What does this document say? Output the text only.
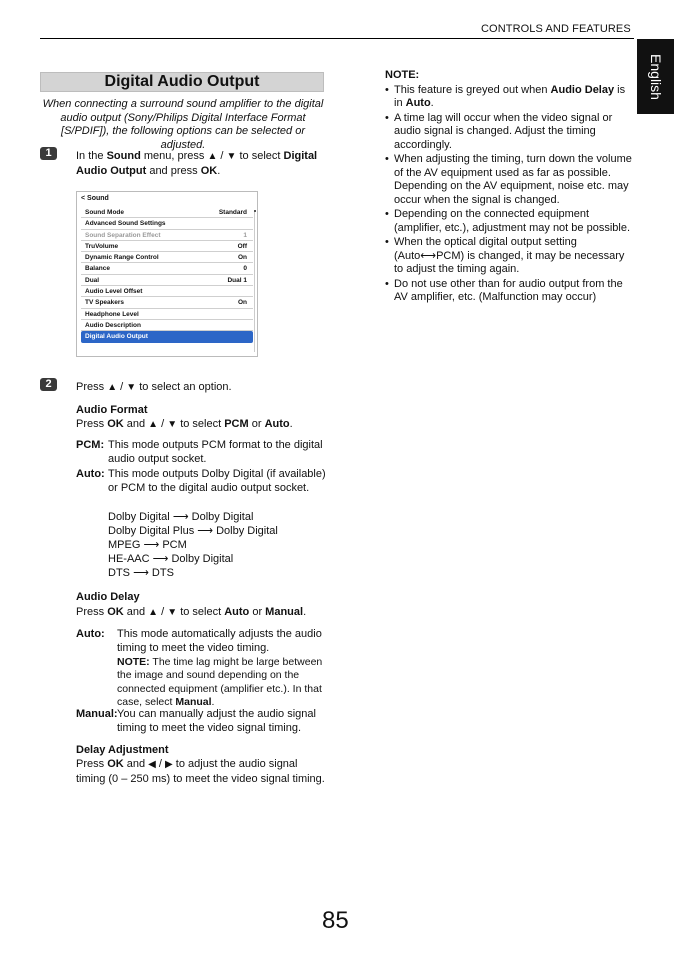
CONTROLS AND FEATURES
English
Digital Audio Output
When connecting a surround sound amplifier to the digital audio output (Sony/Philips Digital Interface Format [S/PDIF]), the following options can be selected or adjusted.
1	In the Sound menu, press ▲ / ▼ to select Digital Audio Output and press OK.
< Sound
Sound Mode	Standard
Advanced Sound Settings
Sound Separation Effect	1
TruVolume	Off
Dynamic Range Control	On
Balance	0
Dual	Dual 1
Audio Level Offset
TV Speakers	On
Headphone Level
Audio Description
Digital Audio Output
2	Press ▲ / ▼ to select an option.
Audio Format
Press OK and ▲ / ▼ to select PCM or Auto.
PCM: This mode outputs PCM format to the digital audio output socket.
Auto: This mode outputs Dolby Digital (if available) or PCM to the digital audio output socket.
Dolby Digital ⟶ Dolby Digital
Dolby Digital Plus ⟶ Dolby Digital
MPEG ⟶ PCM
HE-AAC ⟶ Dolby Digital
DTS ⟶ DTS
Audio Delay
Press OK and ▲ / ▼ to select Auto or Manual.
Auto: This mode automatically adjusts the audio timing to meet the video timing.
NOTE: The time lag might be large between the image and sound depending on the connected equipment (amplifier etc.). In that case, select Manual.
Manual: You can manually adjust the audio signal timing to meet the video signal timing.
Delay Adjustment
Press OK and ◀ / ▶ to adjust the audio signal timing (0 – 250 ms) to meet the video signal timing.
NOTE:
• This feature is greyed out when Audio Delay is in Auto.
• A time lag will occur when the video signal or audio signal is changed. Adjust the timing accordingly.
• When adjusting the timing, turn down the volume of the AV equipment used as far as possible. Depending on the AV equipment, noise etc. may occur when the signal is changed.
• Depending on the connected equipment (amplifier, etc.), adjustment may not be possible.
• When the optical digital output setting (Auto⟷PCM) is changed, it may be necessary to adjust the timing again.
• Do not use other than for audio output from the AV amplifier, etc. (Malfunction may occur)
85
